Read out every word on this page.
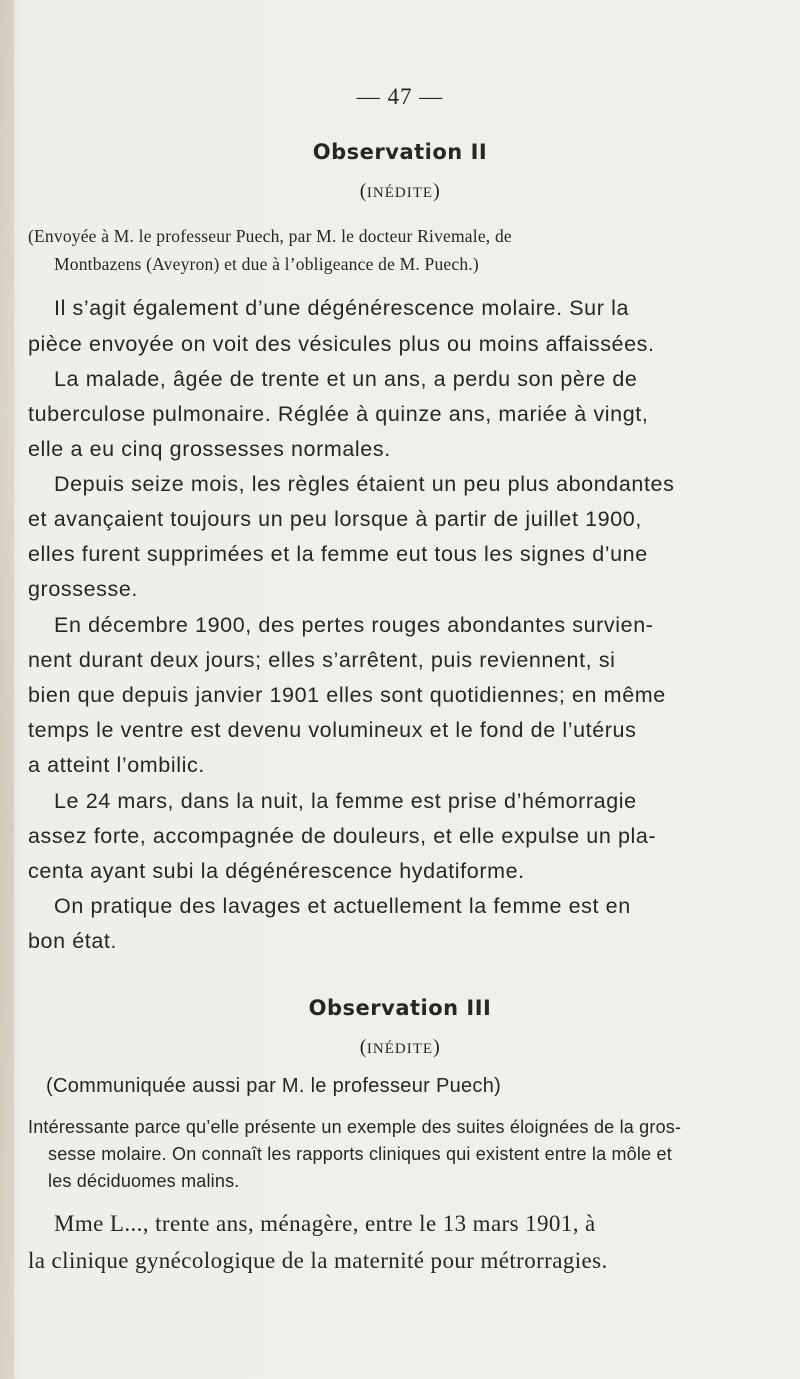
— 47 —
Observation II
(INÉDITE)
(Envoyée à M. le professeur Puech, par M. le docteur Rivemale, de
Montbazens (Aveyron) et due à l’obligeance de M. Puech.)
Il s’agit également d’une dégénérescence molaire. Sur la
pièce envoyée on voit des vésicules plus ou moins affaissées.
La malade, âgée de trente et un ans, a perdu son père de
tuberculose pulmonaire. Réglée à quinze ans, mariée à vingt,
elle a eu cinq grossesses normales.
Depuis seize mois, les règles étaient un peu plus abondantes
et avançaient toujours un peu lorsque à partir de juillet 1900,
elles furent supprimées et la femme eut tous les signes d’une
grossesse.
En décembre 1900, des pertes rouges abondantes survien-
nent durant deux jours; elles s’arrêtent, puis reviennent, si
bien que depuis janvier 1901 elles sont quotidiennes; en même
temps le ventre est devenu volumineux et le fond de l’utérus
a atteint l’ombilic.
Le 24 mars, dans la nuit, la femme est prise d’hémorragie
assez forte, accompagnée de douleurs, et elle expulse un pla-
centa ayant subi la dégénérescence hydatiforme.
On pratique des lavages et actuellement la femme est en
bon état.
Observation III
(INÉDITE)
(Communiquée aussi par M. le professeur Puech)
Intéressante parce qu’elle présente un exemple des suites éloignées de la gros-
sesse molaire. On connaît les rapports cliniques qui existent entre la môle et
les déciduomes malins.
Mme L..., trente ans, ménagère, entre le 13 mars 1901, à
la clinique gynécologique de la maternité pour métrorragies.
